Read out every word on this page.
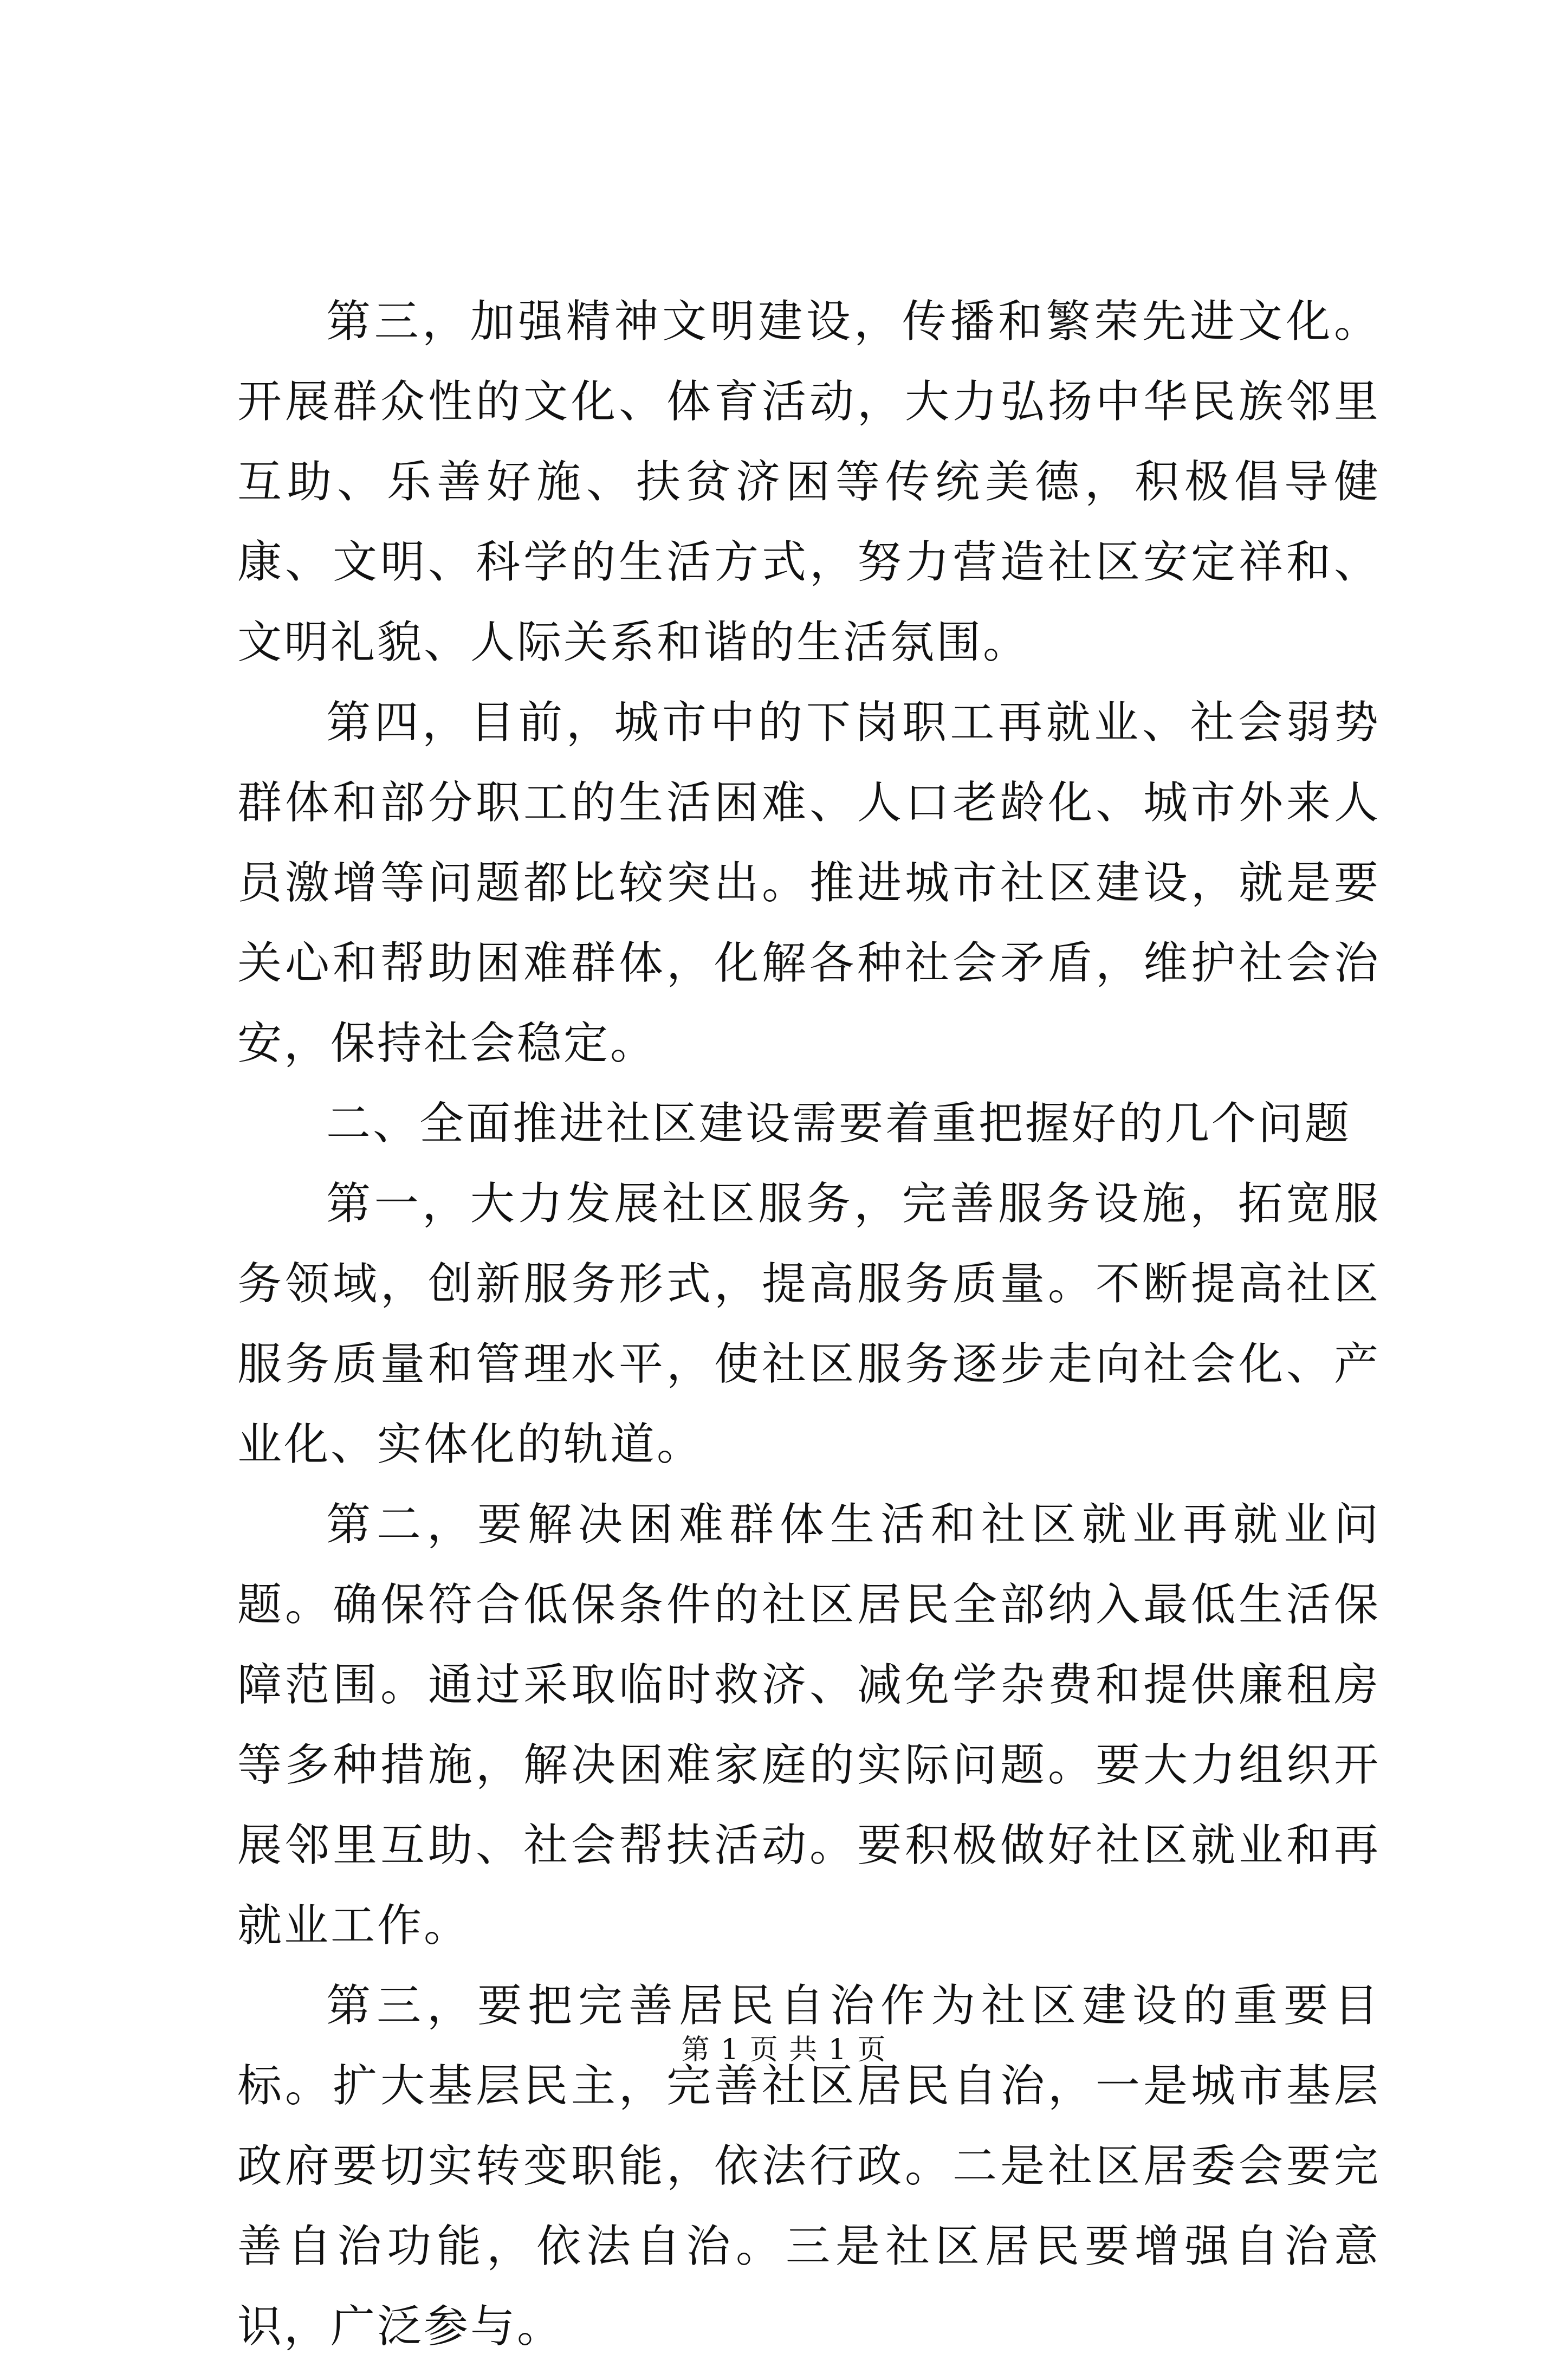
第三，加强精神文明建设，传播和繁荣先进文化。开展群众性的文化、体育活动，大力弘扬中华民族邻里互助、乐善好施、扶贫济困等传统美德，积极倡导健康、文明、科学的生活方式，努力营造社区安定祥和、文明礼貌、人际关系和谐的生活氛围。

第四，目前，城市中的下岗职工再就业、社会弱势群体和部分职工的生活困难、人口老龄化、城市外来人员激增等问题都比较突出。推进城市社区建设，就是要关心和帮助困难群体，化解各种社会矛盾，维护社会治安，保持社会稳定。

二、全面推进社区建设需要着重把握好的几个问题

第一，大力发展社区服务，完善服务设施，拓宽服务领域，创新服务形式，提高服务质量。不断提高社区服务质量和管理水平，使社区服务逐步走向社会化、产业化、实体化的轨道。

第二，要解决困难群体生活和社区就业再就业问题。确保符合低保条件的社区居民全部纳入最低生活保障范围。通过采取临时救济、减免学杂费和提供廉租房等多种措施，解决困难家庭的实际问题。要大力组织开展邻里互助、社会帮扶活动。要积极做好社区就业和再就业工作。

第三，要把完善居民自治作为社区建设的重要目标。扩大基层民主，完善社区居民自治，一是城市基层政府要切实转变职能，依法行政。二是社区居委会要完善自治功能，依法自治。三是社区居民要增强自治意识，广泛参与。

第 1 页 共 1 页
